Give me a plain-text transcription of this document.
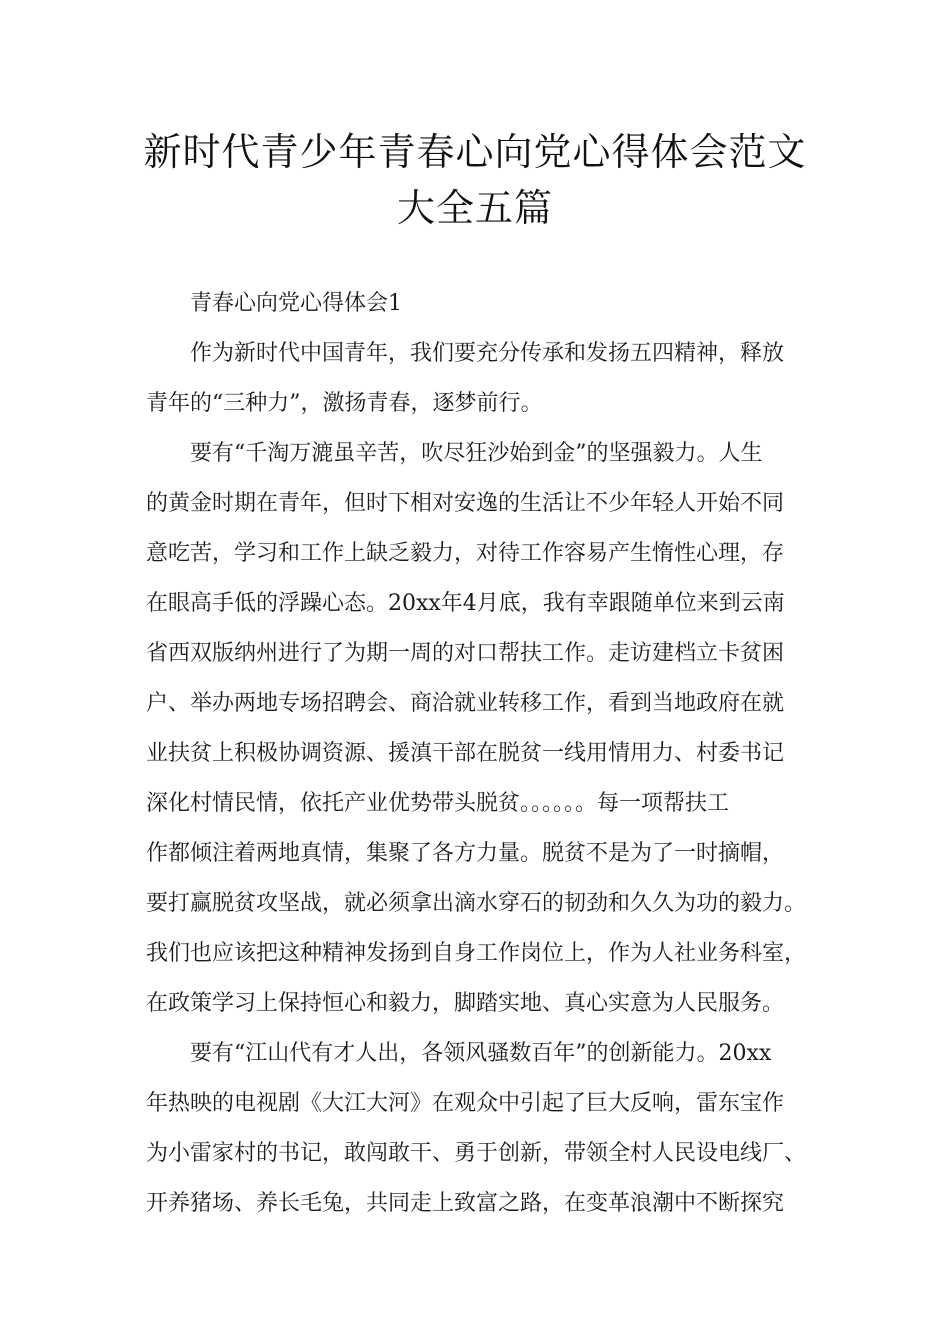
新时代青少年青春心向党心得体会范文
大全五篇

青春心向党心得体会1

作为新时代中国青年，我们要充分传承和发扬五四精神，释放
青年的“三种力”，激扬青春，逐梦前行。

要有“千淘万漉虽辛苦，吹尽狂沙始到金”的坚强毅力。人生
的黄金时期在青年，但时下相对安逸的生活让不少年轻人开始不同
意吃苦，学习和工作上缺乏毅力，对待工作容易产生惰性心理，存
在眼高手低的浮躁心态。20xx年4月底，我有幸跟随单位来到云南
省西双版纳州进行了为期一周的对口帮扶工作。走访建档立卡贫困
户、举办两地专场招聘会、商洽就业转移工作，看到当地政府在就
业扶贫上积极协调资源、援滇干部在脱贫一线用情用力、村委书记
深化村情民情，依托产业优势带头脱贫。。。。。。每一项帮扶工
作都倾注着两地真情，集聚了各方力量。脱贫不是为了一时摘帽，
要打赢脱贫攻坚战，就必须拿出滴水穿石的韧劲和久久为功的毅力。
我们也应该把这种精神发扬到自身工作岗位上，作为人社业务科室，
在政策学习上保持恒心和毅力，脚踏实地、真心实意为人民服务。

要有“江山代有才人出，各领风骚数百年”的创新能力。20xx
年热映的电视剧《大江大河》在观众中引起了巨大反响，雷东宝作
为小雷家村的书记，敢闯敢干、勇于创新，带领全村人民设电线厂、
开养猪场、养长毛兔，共同走上致富之路，在变革浪潮中不断探究
